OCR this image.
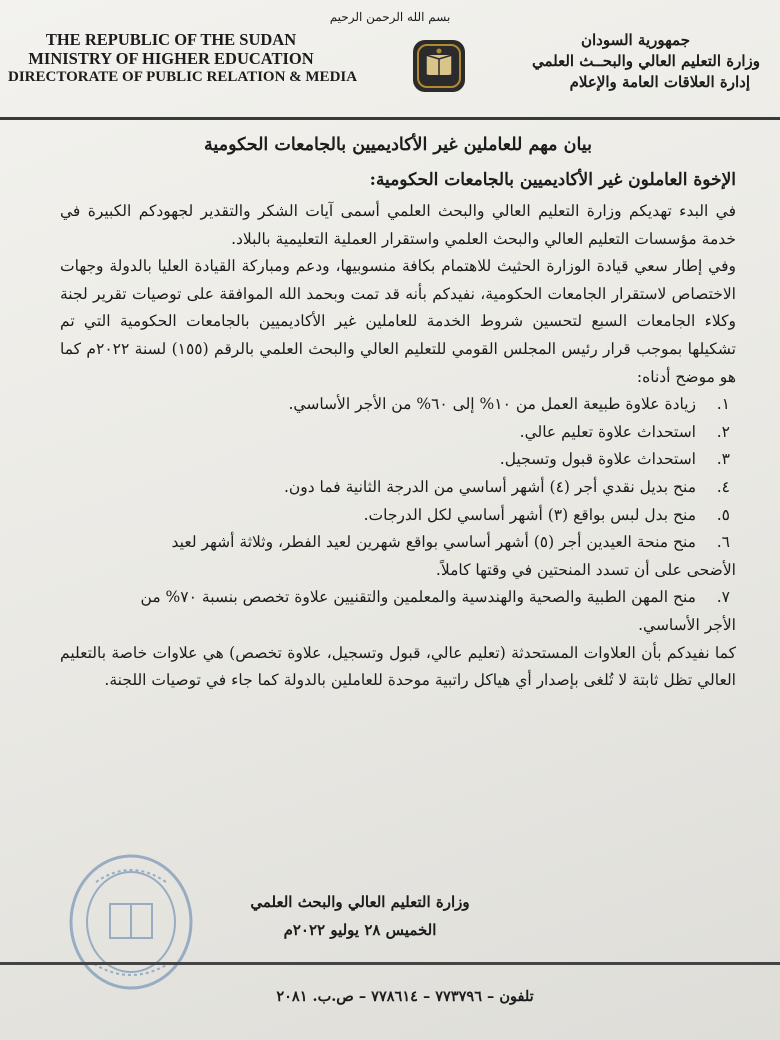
بسم الله الرحمن الرحيم
THE REPUBLIC OF THE SUDAN
MINISTRY OF HIGHER EDUCATION
DIRECTORATE OF PUBLIC RELATION & MEDIA
جمهورية السودان
وزارة التعليم العالي والبحــث العلمي
إدارة العلاقات العامة والإعلام

بيان مهم للعاملين غير الأكاديميين بالجامعات الحكومية

الإخوة العاملون غير الأكاديميين بالجامعات الحكومية:

في البدء تهديكم وزارة التعليم العالي والبحث العلمي أسمى آيات الشكر والتقدير لجهودكم الكبيرة في خدمة مؤسسات التعليم العالي والبحث العلمي واستقرار العملية التعليمية بالبلاد.

وفي إطار سعي قيادة الوزارة الحثيث للاهتمام بكافة منسوبيها، ودعم ومباركة القيادة العليا بالدولة وجهات الاختصاص لاستقرار الجامعات الحكومية، نفيدكم بأنه قد تمت وبحمد الله الموافقة على توصيات تقرير لجنة وكلاء الجامعات السبع لتحسين شروط الخدمة للعاملين غير الأكاديميين بالجامعات الحكومية التي تم تشكيلها بموجب قرار رئيس المجلس القومي للتعليم العالي والبحث العلمي بالرقم (١٥٥) لسنة ٢٠٢٢م كما هو موضح أدناه:

١.
زيادة علاوة طبيعة العمل من ١٠% إلى ٦٠% من الأجر الأساسي.
٢.
استحداث علاوة تعليم عالي.
٣.
استحداث علاوة قبول وتسجيل.
٤.
منح بديل نقدي أجر (٤) أشهر أساسي من الدرجة الثانية فما دون.
٥.
منح بدل لبس بواقع (٣) أشهر أساسي لكل الدرجات.
٦.
منح منحة العيدين أجر (٥) أشهر أساسي بواقع شهرين لعيد الفطر، وثلاثة أشهر لعيد
الأضحى على أن تسدد المنحتين في وقتها كاملاً.
٧.
منح المهن الطبية والصحية والهندسية والمعلمين والتقنيين علاوة تخصص بنسبة ٧٠% من
الأجر الأساسي.

كما نفيدكم بأن العلاوات المستحدثة (تعليم عالي، قبول وتسجيل، علاوة تخصص) هي علاوات خاصة بالتعليم العالي تظل ثابتة لا تُلغى بإصدار أي هياكل راتبية موحدة للعاملين بالدولة كما جاء في توصيات اللجنة.

وزارة التعليم العالي والبحث العلمي
الخميس ٢٨ يوليو ٢٠٢٢م
تلفون – ٧٧٣٧٩٦ – ٧٧٨٦١٤ – ص.ب. ٢٠٨١
